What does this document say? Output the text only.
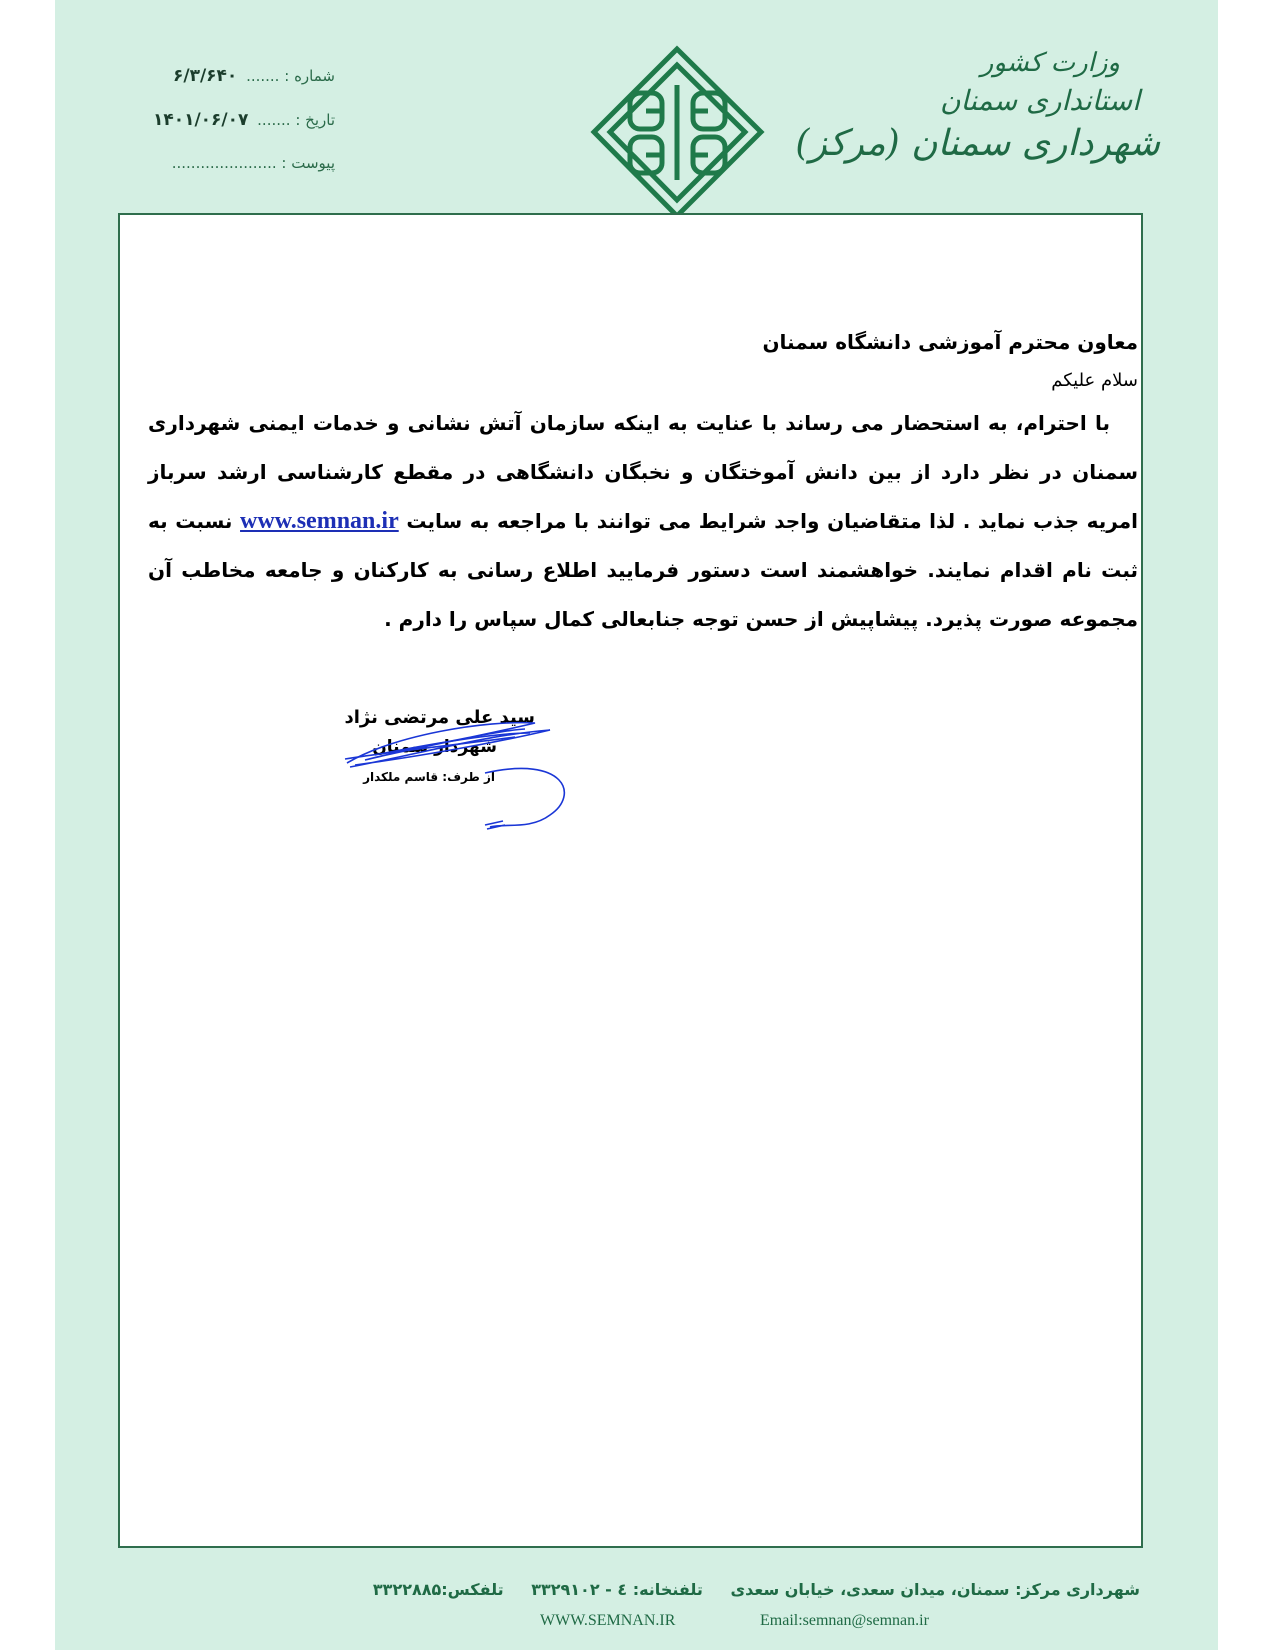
شماره : ....... ۶/۳/۶۴۰
تاریخ : ....... ۱۴۰۱/۰۶/۰۷
پیوست : ......................
وزارت کشور
استانداری سمنان
شهرداری سمنان (مرکز)
معاون محترم آموزشی دانشگاه سمنان
سلام علیکم
با احترام، به استحضار می رساند با عنایت به اینکه سازمان آتش نشانی و خدمات ایمنی شهرداری سمنان در نظر دارد از بین دانش آموختگان و نخبگان دانشگاهی در مقطع کارشناسی ارشد سرباز امریه جذب نماید . لذا متقاضیان واجد شرایط می توانند با مراجعه به سایت www.semnan.ir نسبت به ثبت نام اقدام نمایند. خواهشمند است دستور فرمایید اطلاع رسانی به کارکنان و جامعه مخاطب آن مجموعه صورت پذیرد. پیشاپیش از حسن توجه جنابعالی کمال سپاس را دارم .
سید علی مرتضی نژاد
شهردار سمنان
از طرف: قاسم ملکدار
شهرداری مرکز: سمنان، میدان سعدی، خیابان سعدی تلفنخانه: ٤ - ۳۳۲۹۱۰۲ تلفکس:۳۳۲۲۸۸۵
WWW.SEMNAN.IR	Email:semnan@semnan.ir
